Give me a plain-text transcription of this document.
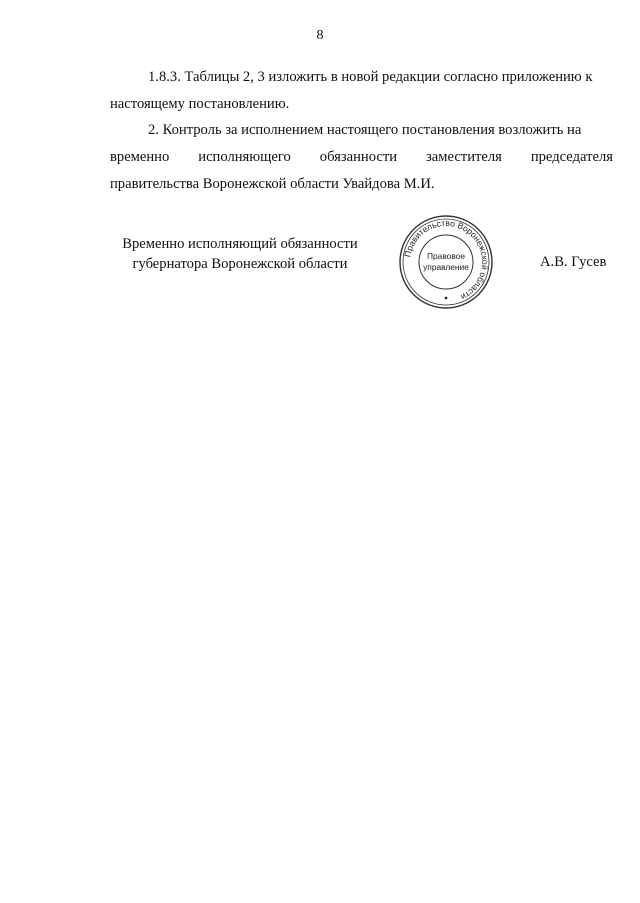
8
1.8.3. Таблицы 2, 3 изложить в новой редакции согласно приложению к
настоящему постановлению.
2. Контроль за исполнением настоящего постановления возложить на
временно исполняющего обязанности заместителя председателя
правительства Воронежской области Увайдова М.И.
Временно исполняющий обязанности
губернатора Воронежской области
Правительство Воронежской области
Правовое
управление	А.В. Гусев
